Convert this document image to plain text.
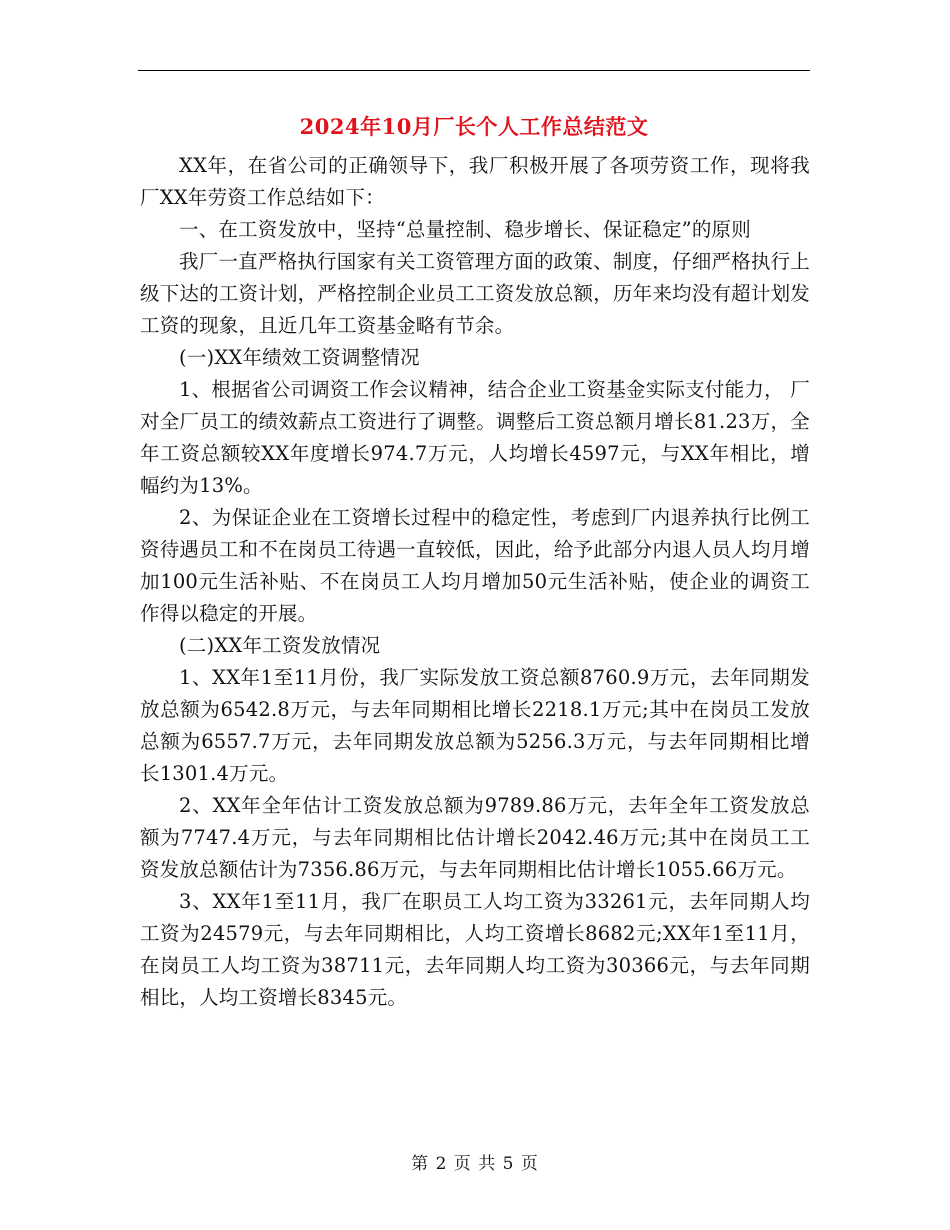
2024年10月厂长个人工作总结范文

XX年，在省公司的正确领导下，我厂积极开展了各项劳资工作，现将我厂XX年劳资工作总结如下：

一、在工资发放中，坚持“总量控制、稳步增长、保证稳定”的原则

我厂一直严格执行国家有关工资管理方面的政策、制度，仔细严格执行上级下达的工资计划，严格控制企业员工工资发放总额，历年来均没有超计划发工资的现象，且近几年工资基金略有节余。

(一)XX年绩效工资调整情况

1、根据省公司调资工作会议精神，结合企业工资基金实际支付能力， 厂对全厂员工的绩效薪点工资进行了调整。调整后工资总额月增长81.23万，全年工资总额较XX年度增长974.7万元，人均增长4597元，与XX年相比，增幅约为13%。

2、为保证企业在工资增长过程中的稳定性，考虑到厂内退养执行比例工资待遇员工和不在岗员工待遇一直较低，因此，给予此部分内退人员人均月增加100元生活补贴、不在岗员工人均月增加50元生活补贴，使企业的调资工作得以稳定的开展。

(二)XX年工资发放情况

1、XX年1至11月份，我厂实际发放工资总额8760.9万元，去年同期发放总额为6542.8万元，与去年同期相比增长2218.1万元;其中在岗员工发放总额为6557.7万元，去年同期发放总额为5256.3万元，与去年同期相比增长1301.4万元。

2、XX年全年估计工资发放总额为9789.86万元，去年全年工资发放总额为7747.4万元，与去年同期相比估计增长2042.46万元;其中在岗员工工资发放总额估计为7356.86万元，与去年同期相比估计增长1055.66万元。

3、XX年1至11月，我厂在职员工人均工资为33261元，去年同期人均工资为24579元，与去年同期相比，人均工资增长8682元;XX年1至11月，在岗员工人均工资为38711元，去年同期人均工资为30366元，与去年同期相比，人均工资增长8345元。

第 2 页 共 5 页
